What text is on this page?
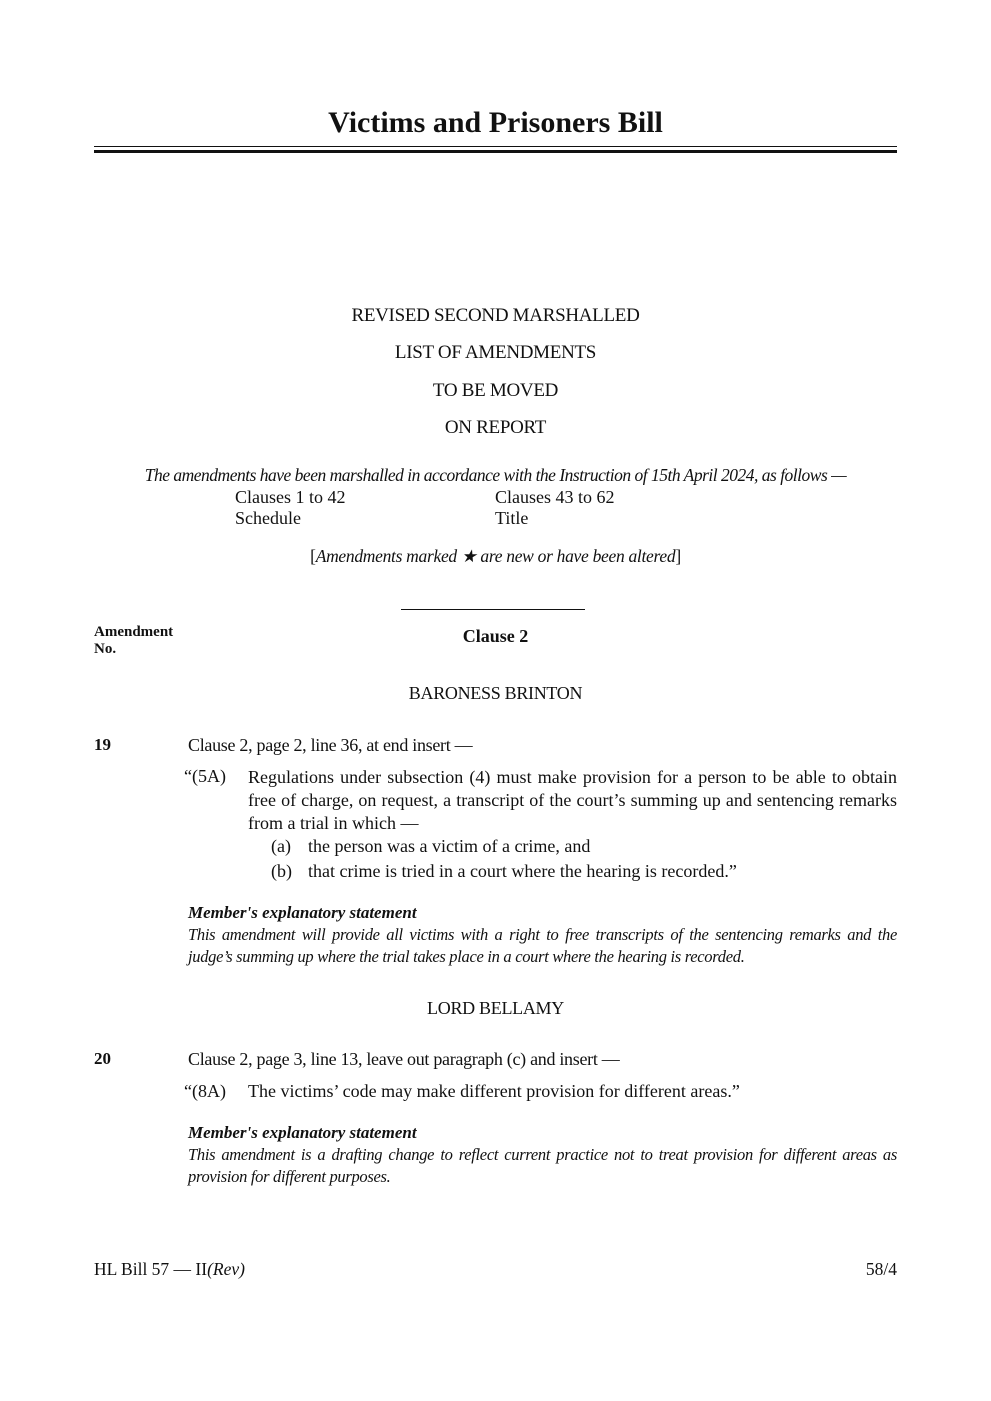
Victims and Prisoners Bill
REVISED SECOND MARSHALLED
LIST OF AMENDMENTS
TO BE MOVED
ON REPORT
The amendments have been marshalled in accordance with the Instruction of 15th April 2024, as follows —
Clauses 1 to 42	Clauses 43 to 62
Schedule	Title
[Amendments marked ★ are new or have been altered]
Amendment
No.
Clause 2
BARONESS BRINTON
19	Clause 2, page 2, line 36, at end insert —
“(5A) Regulations under subsection (4) must make provision for a person to be able to obtain free of charge, on request, a transcript of the court’s summing up and sentencing remarks from a trial in which —
(a) the person was a victim of a crime, and
(b) that crime is tried in a court where the hearing is recorded.”
Member's explanatory statement
This amendment will provide all victims with a right to free transcripts of the sentencing remarks and the judge’s summing up where the trial takes place in a court where the hearing is recorded.
LORD BELLAMY
20	Clause 2, page 3, line 13, leave out paragraph (c) and insert —
“(8A) The victims’ code may make different provision for different areas.”
Member's explanatory statement
This amendment is a drafting change to reflect current practice not to treat provision for different areas as provision for different purposes.
HL Bill 57 — II(Rev)	58/4
